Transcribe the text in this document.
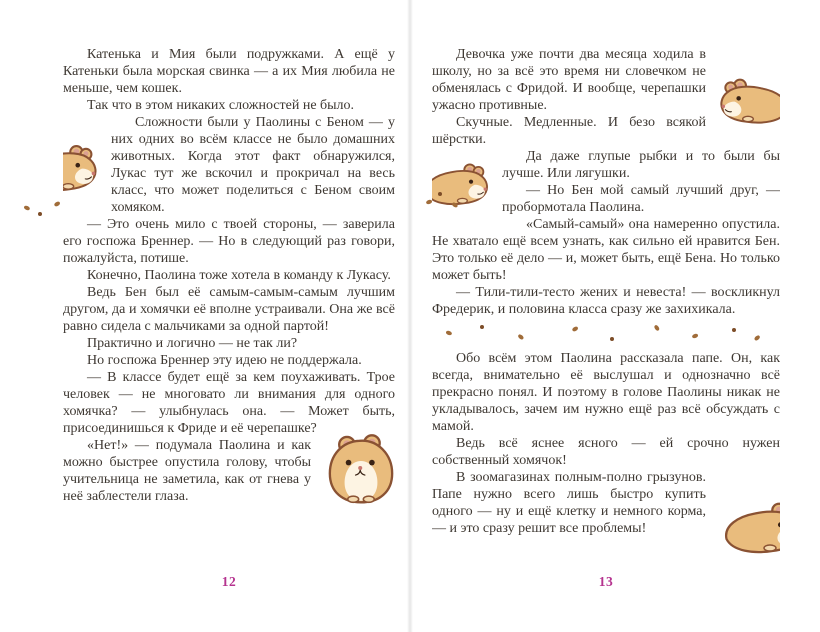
Катенька и Мия были подружками. А ещё у Катеньки была морская свинка — а их Мия любила не меньше, чем кошек.

Так что в этом никаких сложностей не было.

Сложности были у Паолины с Беном — у них одних во всём классе не было домашних животных. Когда этот факт обнаружился, Лукас тут же вскочил и прокричал на весь класс, что может поделиться с Беном своим хомяком.

— Это очень мило с твоей стороны, — заверила его госпожа Бреннер. — Но в следующий раз говори, пожалуйста, потише.

Конечно, Паолина тоже хотела в команду к Лукасу.

Ведь Бен был её самым-самым-самым лучшим другом, да и хомячки её вполне устраивали. Она же всё равно сидела с мальчиками за одной партой!

Практично и логично — не так ли?

Но госпожа Бреннер эту идею не поддержала.

— В классе будет ещё за кем поухаживать. Трое человек — не многовато ли внимания для одного хомячка? — улыбнулась она. — Может быть, присоединишься к Фриде и её черепашке?

«Нет!» — подумала Паолина и как можно быстрее опустила голову, чтобы учительница не заметила, как от гнева у неё заблестели глаза.

12

Девочка уже почти два месяца ходила в школу, но за всё это время ни словечком не обменялась с Фридой. И вообще, черепашки ужасно противные.

Скучные. Медленные. И безо всякой шёрстки.

Да даже глупые рыбки и то были бы лучше. Или лягушки.

— Но Бен мой самый лучший друг, — пробормотала Паолина.

«Самый-самый» она намеренно опустила. Не хватало ещё всем узнать, как сильно ей нравится Бен. Это только её дело — и, может быть, ещё Бена. Но только может быть!

— Тили-тили-тесто жених и невеста! — воскликнул Фредерик, и половина класса сразу же захихикала.

Обо всём этом Паолина рассказала папе. Он, как всегда, внимательно её выслушал и однозначно всё прекрасно понял. И поэтому в голове Паолины никак не укладывалось, зачем им нужно ещё раз всё обсуждать с мамой.

Ведь всё яснее ясного — ей срочно нужен собственный хомячок!

В зоомагазинах полным-полно грызунов. Папе нужно всего лишь быстро купить одного — ну и ещё клетку и немного корма, — и это сразу решит все проблемы!

13
